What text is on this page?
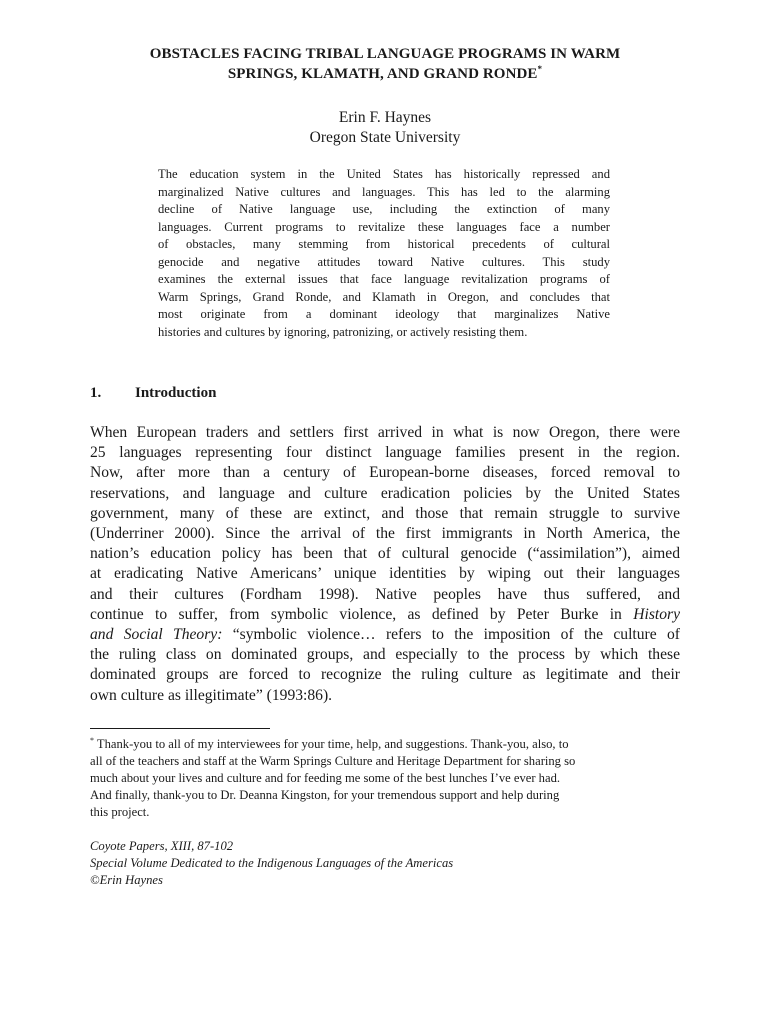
OBSTACLES FACING TRIBAL LANGUAGE PROGRAMS IN WARM
SPRINGS, KLAMATH, AND GRAND RONDE*
Erin F. Haynes
Oregon State University
The education system in the United States has historically repressed and
marginalized Native cultures and languages. This has led to the alarming
decline of Native language use, including the extinction of many
languages. Current programs to revitalize these languages face a number
of obstacles, many stemming from historical precedents of cultural
genocide and negative attitudes toward Native cultures. This study
examines the external issues that face language revitalization programs of
Warm Springs, Grand Ronde, and Klamath in Oregon, and concludes that
most originate from a dominant ideology that marginalizes Native
histories and cultures by ignoring, patronizing, or actively resisting them.
1. Introduction
When European traders and settlers first arrived in what is now Oregon, there were
25 languages representing four distinct language families present in the region.
Now, after more than a century of European-borne diseases, forced removal to
reservations, and language and culture eradication policies by the United States
government, many of these are extinct, and those that remain struggle to survive
(Underriner 2000). Since the arrival of the first immigrants in North America, the
nation’s education policy has been that of cultural genocide (“assimilation”), aimed
at eradicating Native Americans’ unique identities by wiping out their languages
and their cultures (Fordham 1998). Native peoples have thus suffered, and
continue to suffer, from symbolic violence, as defined by Peter Burke in History
and Social Theory: “symbolic violence… refers to the imposition of the culture of
the ruling class on dominated groups, and especially to the process by which these
dominated groups are forced to recognize the ruling culture as legitimate and their
own culture as illegitimate” (1993:86).
* Thank-you to all of my interviewees for your time, help, and suggestions. Thank-you, also, to
all of the teachers and staff at the Warm Springs Culture and Heritage Department for sharing so
much about your lives and culture and for feeding me some of the best lunches I’ve ever had.
And finally, thank-you to Dr. Deanna Kingston, for your tremendous support and help during
this project.
Coyote Papers, XIII, 87-102
Special Volume Dedicated to the Indigenous Languages of the Americas
©Erin Haynes
